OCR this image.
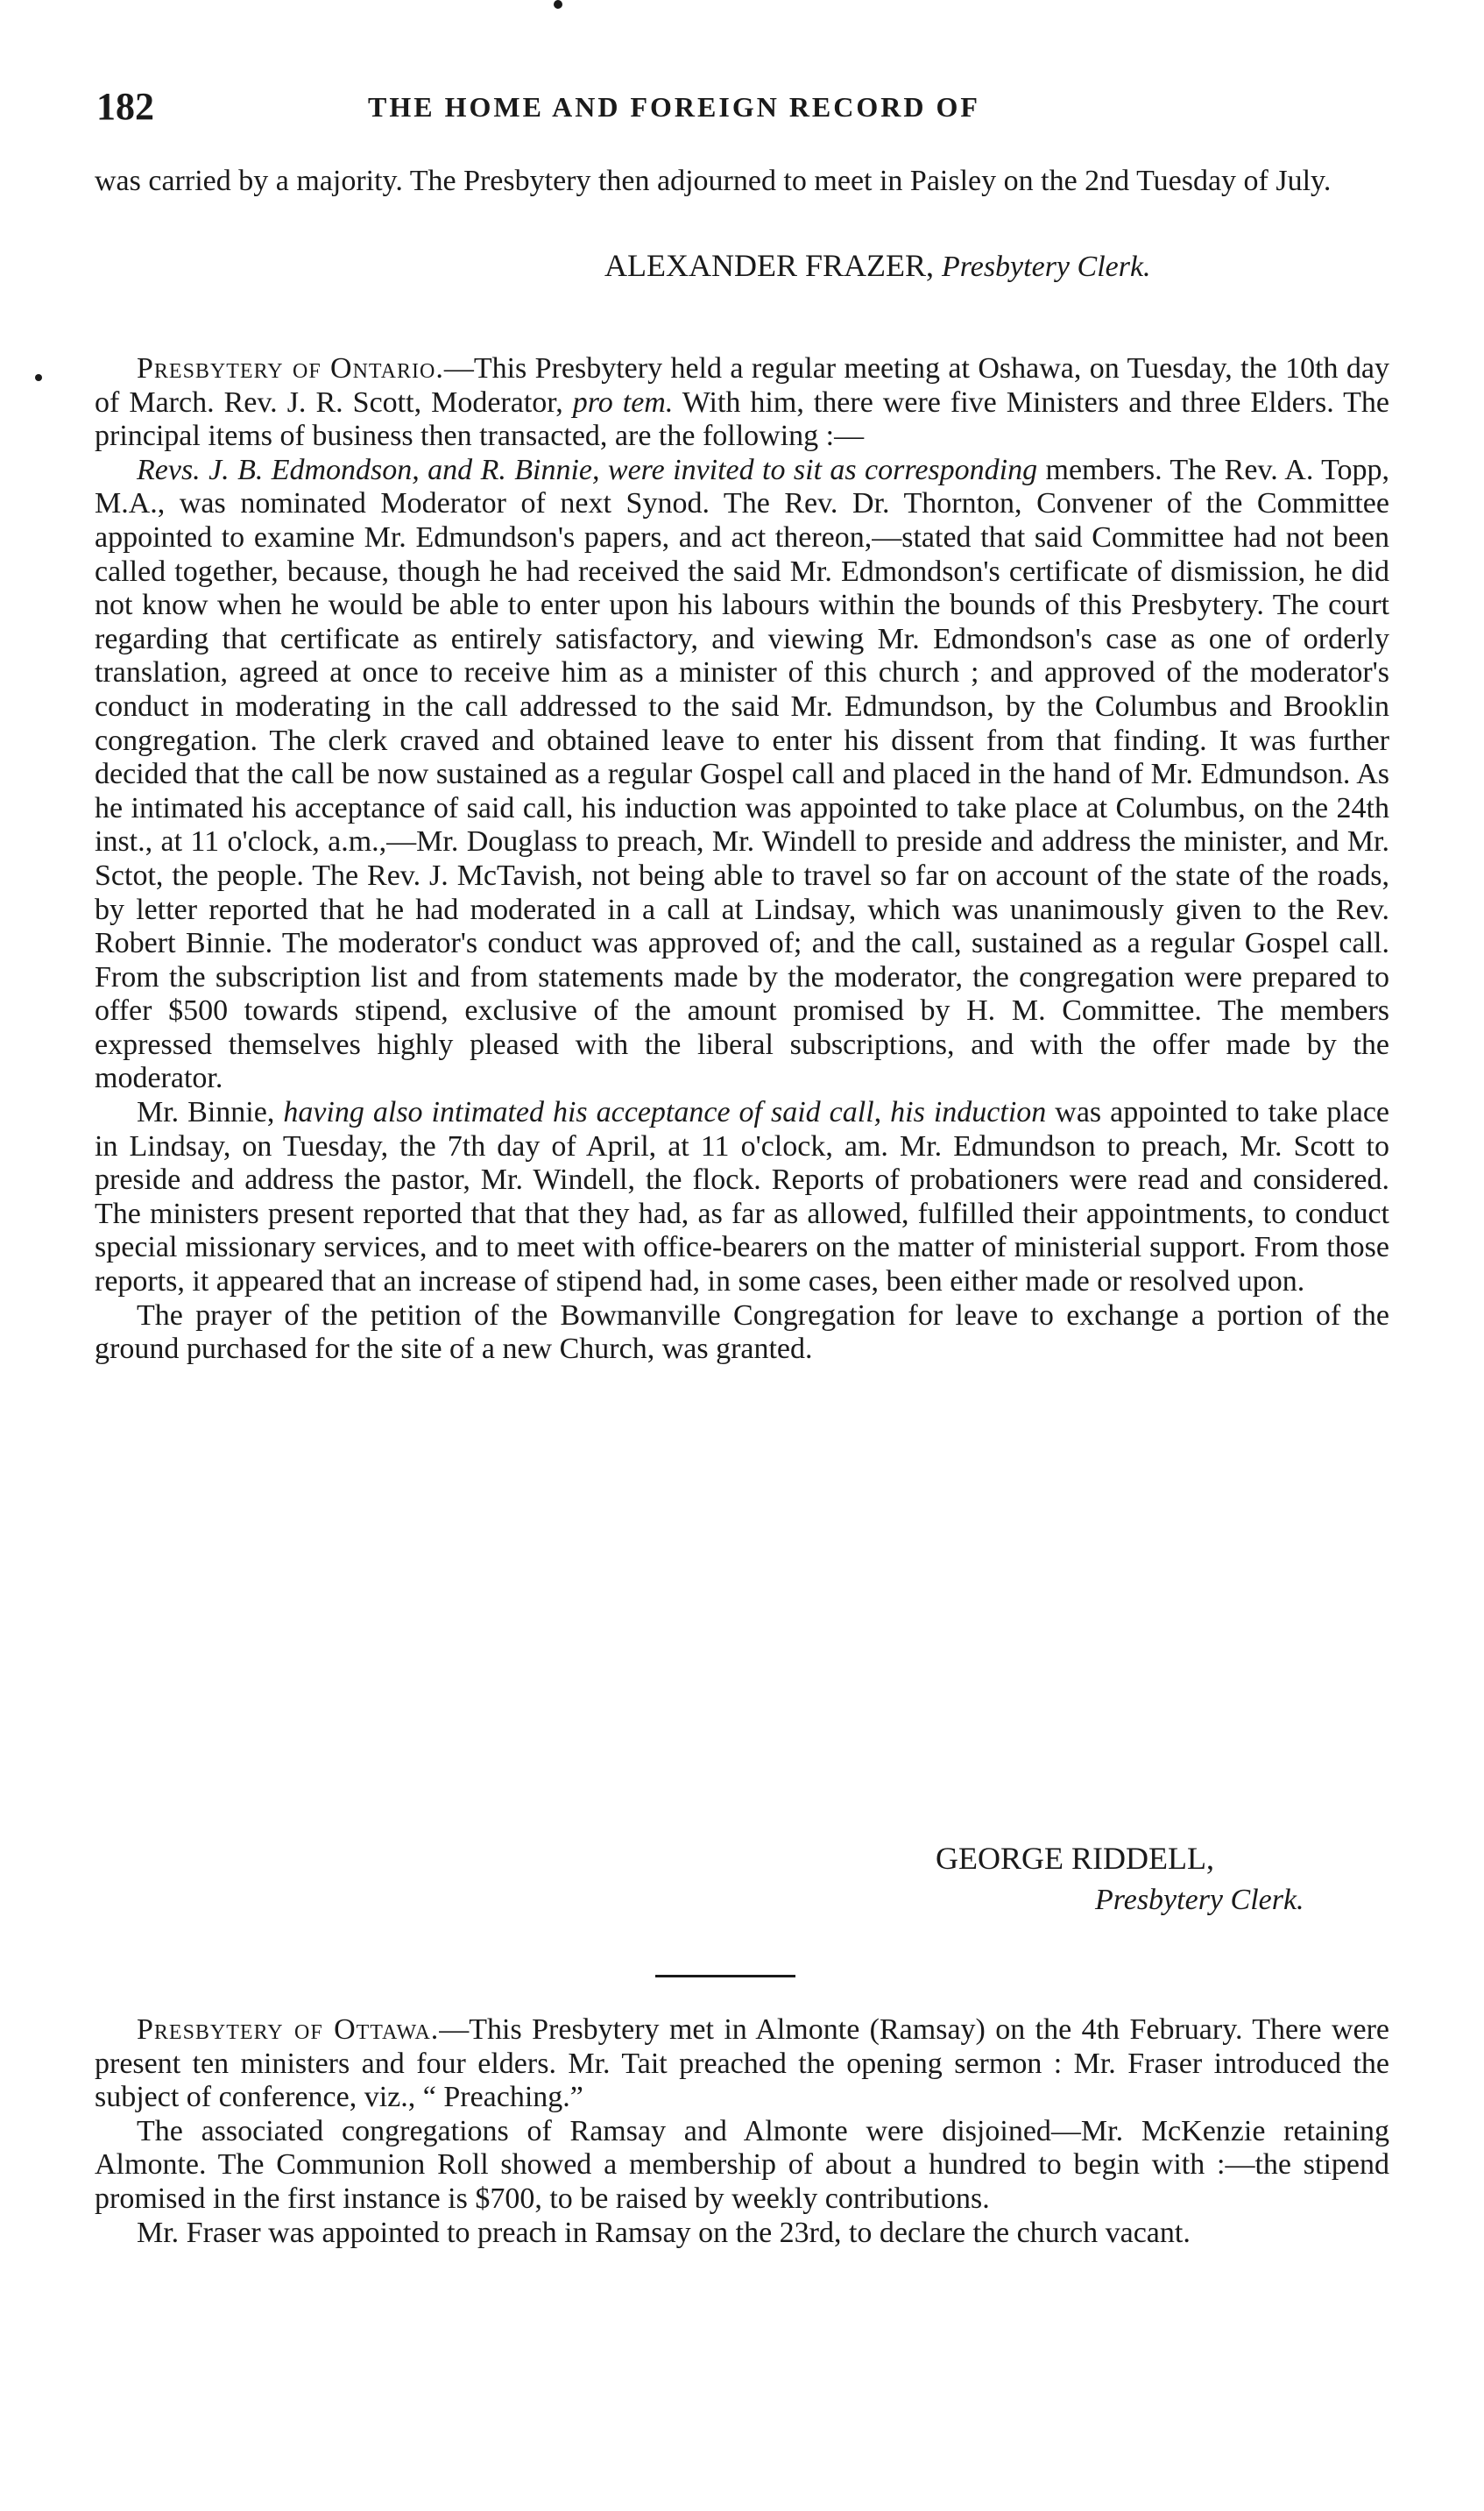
182	THE HOME AND FOREIGN RECORD OF

was carried by a majority. The Presbytery then adjourned to meet in Paisley on the 2nd Tuesday of July.

ALEXANDER FRAZER, Presbytery Clerk.

Presbytery of Ontario.—This Presbytery held a regular meeting at Oshawa, on Tuesday, the 10th day of March. Rev. J. R. Scott, Moderator, pro tem. With him, there were five Ministers and three Elders. The principal items of business then transacted, are the following :—

Revs. J. B. Edmondson, and R. Binnie, were invited to sit as corresponding members. The Rev. A. Topp, M.A., was nominated Moderator of next Synod. The Rev. Dr. Thornton, Convener of the Committee appointed to examine Mr. Edmundson's papers, and act thereon,—stated that said Committee had not been called together, because, though he had received the said Mr. Edmondson's certificate of dismission, he did not know when he would be able to enter upon his labours within the bounds of this Presbytery. The court regarding that certificate as entirely satisfactory, and viewing Mr. Edmondson's case as one of orderly translation, agreed at once to receive him as a minister of this church ; and approved of the moderator's conduct in moderating in the call addressed to the said Mr. Edmundson, by the Columbus and Brooklin congregation. The clerk craved and obtained leave to enter his dissent from that finding. It was further decided that the call be now sustained as a regular Gospel call and placed in the hand of Mr. Edmundson. As he intimated his acceptance of said call, his induction was appointed to take place at Columbus, on the 24th inst., at 11 o'clock, a.m.,—Mr. Douglass to preach, Mr. Windell to preside and address the minister, and Mr. Sctot, the people. The Rev. J. McTavish, not being able to travel so far on account of the state of the roads, by letter reported that he had moderated in a call at Lindsay, which was unanimously given to the Rev. Robert Binnie. The moderator's conduct was approved of; and the call, sustained as a regular Gospel call. From the subscription list and from statements made by the moderator, the congregation were prepared to offer $500 towards stipend, exclusive of the amount promised by H. M. Committee. The members expressed themselves highly pleased with the liberal subscriptions, and with the offer made by the moderator.

Mr. Binnie, having also intimated his acceptance of said call, his induction was appointed to take place in Lindsay, on Tuesday, the 7th day of April, at 11 o'clock, am. Mr. Edmundson to preach, Mr. Scott to preside and address the pastor, Mr. Windell, the flock. Reports of probationers were read and considered. The ministers present reported that that they had, as far as allowed, fulfilled their appointments, to conduct special missionary services, and to meet with office-bearers on the matter of ministerial support. From those reports, it appeared that an increase of stipend had, in some cases, been either made or resolved upon.

The prayer of the petition of the Bowmanville Congregation for leave to exchange a portion of the ground purchased for the site of a new Church, was granted.

GEORGE RIDDELL,
Presbytery Clerk.

Presbytery of Ottawa.—This Presbytery met in Almonte (Ramsay) on the 4th February. There were present ten ministers and four elders. Mr. Tait preached the opening sermon : Mr. Fraser introduced the subject of conference, viz., “ Preaching.”

The associated congregations of Ramsay and Almonte were disjoined—Mr. McKenzie retaining Almonte. The Communion Roll showed a membership of about a hundred to begin with :—the stipend promised in the first instance is $700, to be raised by weekly contributions.

Mr. Fraser was appointed to preach in Ramsay on the 23rd, to declare the church vacant.
